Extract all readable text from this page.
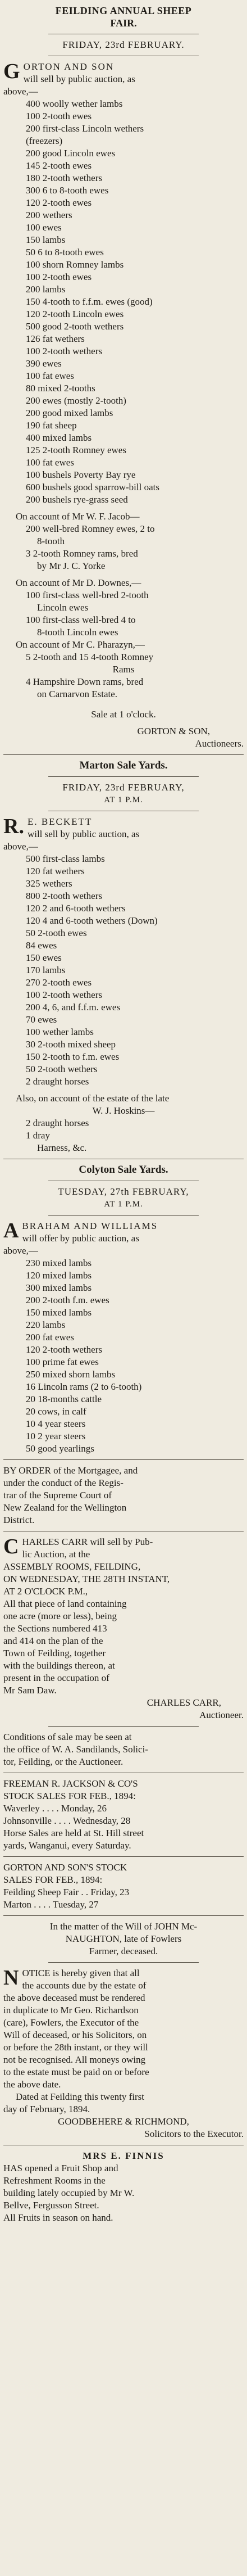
FEILDING ANNUAL SHEEP
FAIR.
FRIDAY, 23rd FEBRUARY.
G ORTON AND SON
will sell by public auction, as
above,—
400 woolly wether lambs
100 2-tooth ewes
200 first-class Lincoln wethers
(freezers)
200 good Lincoln ewes
145 2-tooth ewes
180 2-tooth wethers
300 6 to 8-tooth ewes
120 2-tooth ewes
200 wethers
100 ewes
150 lambs
50 6 to 8-tooth ewes
100 shorn Romney lambs
100 2-tooth ewes
200 lambs
150 4-tooth to f.f.m. ewes (good)
120 2-tooth Lincoln ewes
500 good 2-tooth wethers
126 fat wethers
100 2-tooth wethers
390 ewes
100 fat ewes
80 mixed 2-tooths
200 ewes (mostly 2-tooth)
200 good mixed lambs
190 fat sheep
400 mixed lambs
125 2-tooth Romney ewes
100 fat ewes
100 bushels Poverty Bay rye
600 bushels good sparrow-bill oats
200 bushels rye-grass seed
On account of Mr W. F. Jacob—
200 well-bred Romney ewes, 2 to
8-tooth
3 2-tooth Romney rams, bred
by Mr J. C. Yorke
On account of Mr D. Downes,—
100 first-class well-bred 2-tooth
Lincoln ewes
100 first-class well-bred 4 to
8-tooth Lincoln ewes
On account of Mr C. Pharazyn,—
5 2-tooth and 15 4-tooth Romney
Rams
4 Hampshire Down rams, bred
on Carnarvon Estate.
Sale at 1 o'clock.
GORTON & SON,
Auctioneers.
Marton Sale Yards.
FRIDAY, 23rd FEBRUARY,
AT 1 P.M.
R. E. BECKETT
will sell by public auction, as
above,—
500 first-class lambs
120 fat wethers
325 wethers
800 2-tooth wethers
120 2 and 6-tooth wethers
120 4 and 6-tooth wethers (Down)
50 2-tooth ewes
84 ewes
150 ewes
170 lambs
270 2-tooth ewes
100 2-tooth wethers
200 4, 6, and f.f.m. ewes
70 ewes
100 wether lambs
30 2-tooth mixed sheep
150 2-tooth to f.m. ewes
50 2-tooth wethers
2 draught horses
Also, on account of the estate of the late
W. J. Hoskins—
2 draught horses
1 dray
Harness, &c.
Colyton Sale Yards.
TUESDAY, 27th FEBRUARY,
AT 1 P.M.
A BRAHAM AND WILLIAMS
will offer by public auction, as
above,—
230 mixed lambs
120 mixed lambs
300 mixed lambs
200 2-tooth f.m. ewes
150 mixed lambs
220 lambs
200 fat ewes
120 2-tooth wethers
100 prime fat ewes
250 mixed shorn lambs
16 Lincoln rams (2 to 6-tooth)
20 18-months cattle
20 cows, in calf
10 4 year steers
10 2 year steers
50 good yearlings
BY ORDER of the Mortgagee, and
under the conduct of the Regis-
trar of the Supreme Court of
New Zealand for the Wellington
District.
C HARLES CARR will sell by Pub-
lic Auction, at the
ASSEMBLY ROOMS, FEILDING,
ON WEDNESDAY, THE 28TH INSTANT,
AT 2 O'CLOCK P.M.,
All that piece of land containing
one acre (more or less), being
the Sections numbered 413
and 414 on the plan of the
Town of Feilding, together
with the buildings thereon, at
present in the occupation of
Mr Sam Daw.
CHARLES CARR,
Auctioneer.
Conditions of sale may be seen at
the office of W. A. Sandilands, Solici-
tor, Feilding, or the Auctioneer.
FREEMAN R. JACKSON & CO'S
STOCK SALES FOR FEB., 1894:
Waverley . . . . Monday, 26
Johnsonville . . . . Wednesday, 28
Horse Sales are held at St. Hill street
yards, Wanganui, every Saturday.
GORTON AND SON'S STOCK
SALES FOR FEB., 1894:
Feilding Sheep Fair . . Friday, 23
Marton . . . . Tuesday, 27
In the matter of the Will of JOHN Mc-
NAUGHTON, late of Fowlers
Farmer, deceased.
N OTICE is hereby given that all
the accounts due by the estate of
the above deceased must be rendered
in duplicate to Mr Geo. Richardson
(care), Fowlers, the Executor of the
Will of deceased, or his Solicitors, on
or before the 28th instant, or they will
not be recognised. All moneys owing
to the estate must be paid on or before
the above date.
Dated at Feilding this twenty first
day of February, 1894.
GOODBEHERE & RICHMOND,
Solicitors to the Executor.
MRS E. FINNIS
HAS opened a Fruit Shop and
Refreshment Rooms in the
building lately occupied by Mr W.
Bellve, Fergusson Street.
All Fruits in season on hand.
